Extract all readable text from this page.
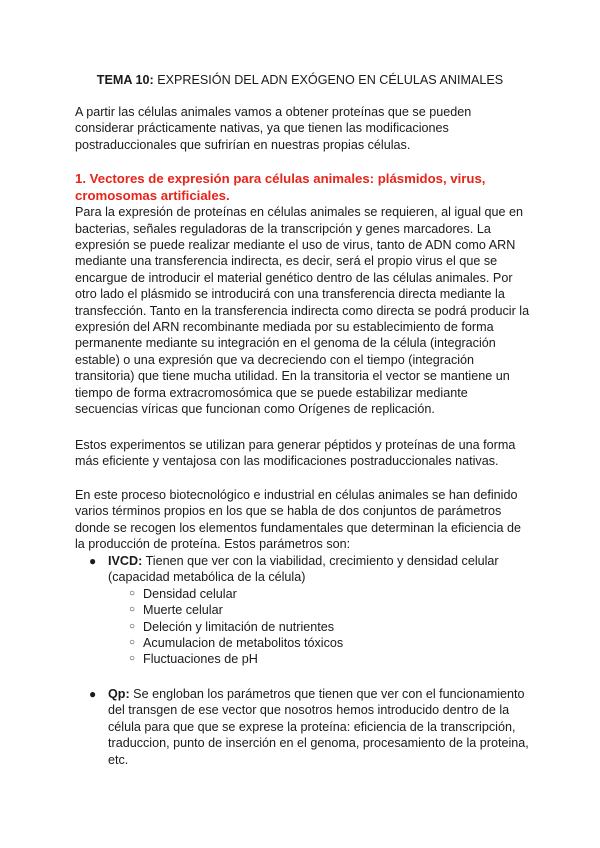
TEMA 10: EXPRESIÓN DEL ADN EXÓGENO EN CÉLULAS ANIMALES

A partir las células animales vamos a obtener proteínas que se pueden considerar prácticamente nativas, ya que tienen las modificaciones postraduccionales que sufrirían en nuestras propias células.

1. Vectores de expresión para células animales: plásmidos, virus, cromosomas artificiales.

Para la expresión de proteínas en células animales se requieren, al igual que en bacterias, señales reguladoras de la transcripción y genes marcadores. La expresión se puede realizar mediante el uso de virus, tanto de ADN como ARN mediante una transferencia indirecta, es decir, será el propio virus el que se encargue de introducir el material genético dentro de las células animales. Por otro lado el plásmido se introducirá con una transferencia directa mediante la transfección. Tanto en la transferencia indirecta como directa se podrá producir la expresión del ARN recombinante mediada por su establecimiento de forma permanente mediante su integración en el genoma de la célula (integración estable) o una expresión que va decreciendo con el tiempo (integración transitoria) que tiene mucha utilidad. En la transitoria el vector se mantiene un tiempo de forma extracromosómica que se puede estabilizar mediante secuencias víricas que funcionan como Orígenes de replicación.

Estos experimentos se utilizan para generar péptidos y proteínas de una forma más eficiente y ventajosa con las modificaciones postraduccionales nativas.

En este proceso biotecnológico e industrial en células animales se han definido varios términos propios en los que se habla de dos conjuntos de parámetros donde se recogen los elementos fundamentales que determinan la eficiencia de la producción de proteína. Estos parámetros son:

● IVCD: Tienen que ver con la viabilidad, crecimiento y densidad celular (capacidad metabólica de la célula)
○ Densidad celular
○ Muerte celular
○ Deleción y limitación de nutrientes
○ Acumulacion de metabolitos tóxicos
○ Fluctuaciones de pH
● Qp: Se engloban los parámetros que tienen que ver con el funcionamiento del transgen de ese vector que nosotros hemos introducido dentro de la célula para que que se exprese la proteína: eficiencia de la transcripción, traduccion, punto de inserción en el genoma, procesamiento de la proteina, etc.
